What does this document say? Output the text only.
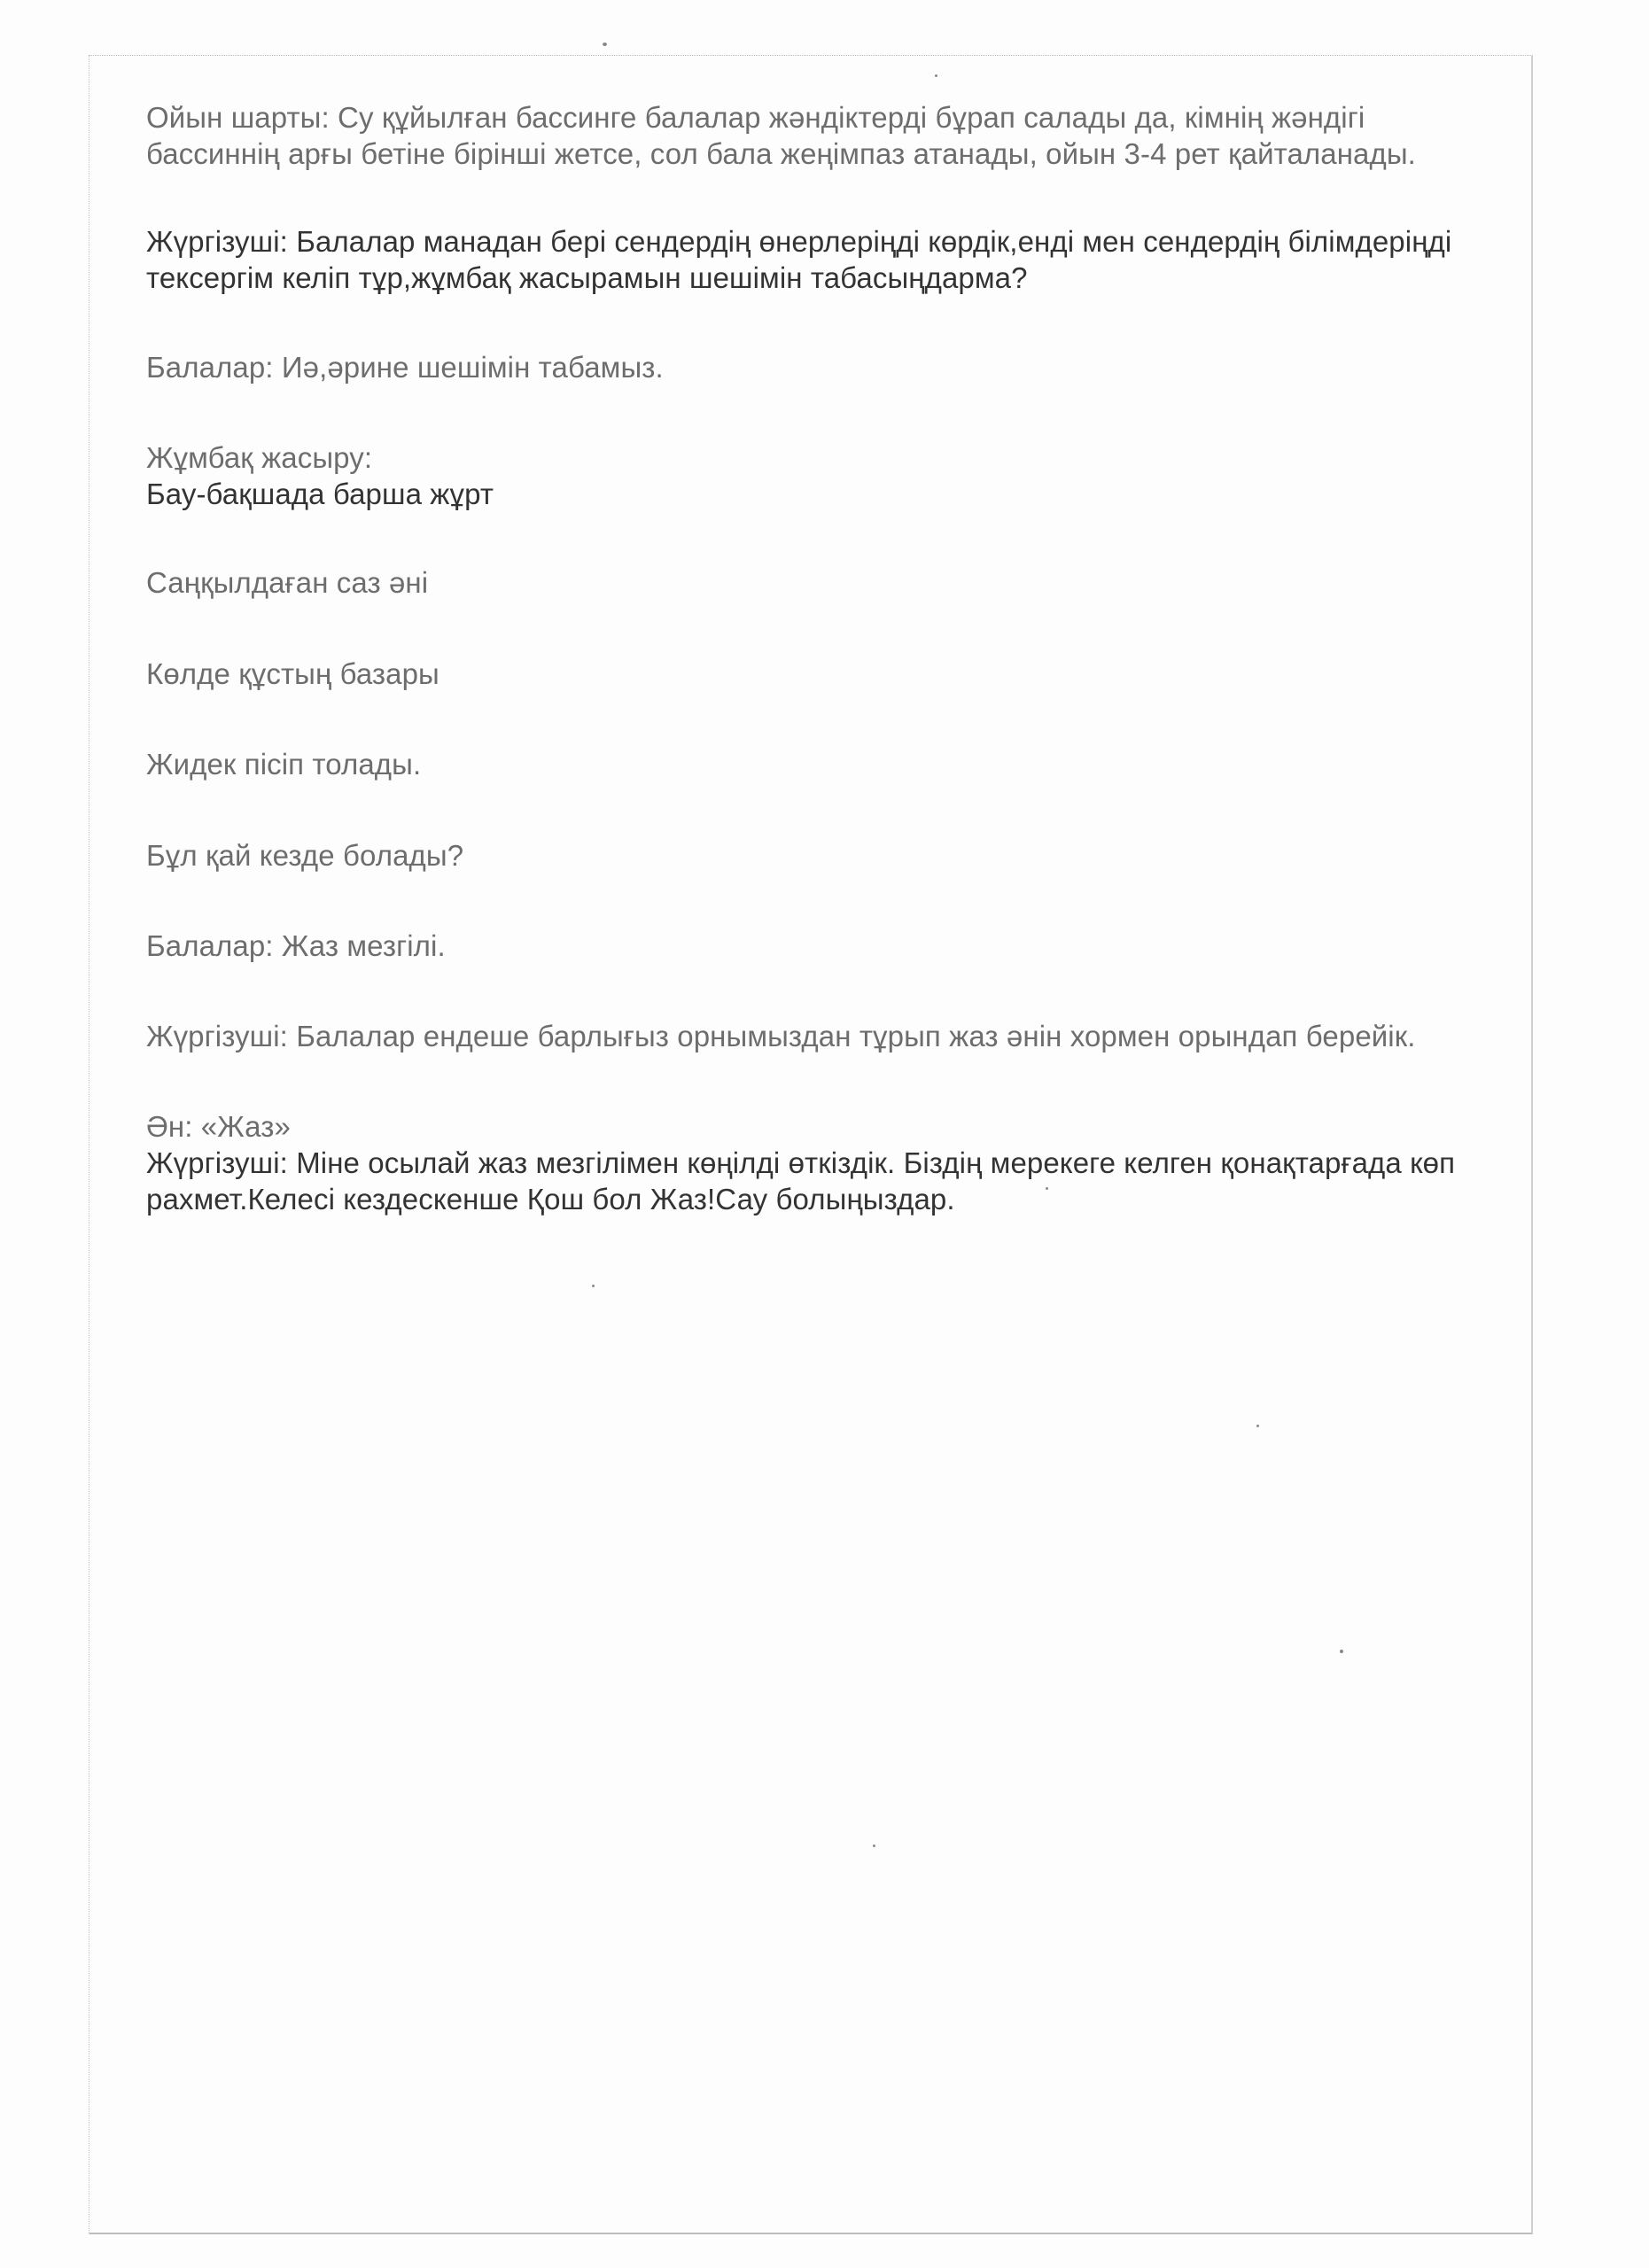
Ойын шарты: Су құйылған бассинге балалар жәндіктерді бұрап салады да, кімнің жәндігі
бассиннің арғы бетіне бірінші жетсе, сол бала жеңімпаз атанады, ойын 3-4 рет қайталанады.

Жүргізуші: Балалар манадан бері сендердің өнерлеріңді көрдік,енді мен сендердің білімдеріңді
тексергім келіп тұр,жұмбақ жасырамын шешімін табасыңдарма?

Балалар: Иә,әрине шешімін табамыз.

Жұмбақ жасыру:
Бау-бақшада барша жұрт

Саңқылдаған саз әні

Көлде құстың базары

Жидек пісіп толады.

Бұл қай кезде болады?

Балалар: Жаз мезгілі.

Жүргізуші: Балалар ендеше барлығыз орнымыздан тұрып жаз әнін хормен орындап берейік.

Ән: «Жаз»

Жүргізуші: Міне осылай жаз мезгілімен көңілді өткіздік. Біздің мерекеге келген қонақтарғада көп
рахмет.Келесі кездескенше Қош бол Жаз!Сау болыңыздар.
